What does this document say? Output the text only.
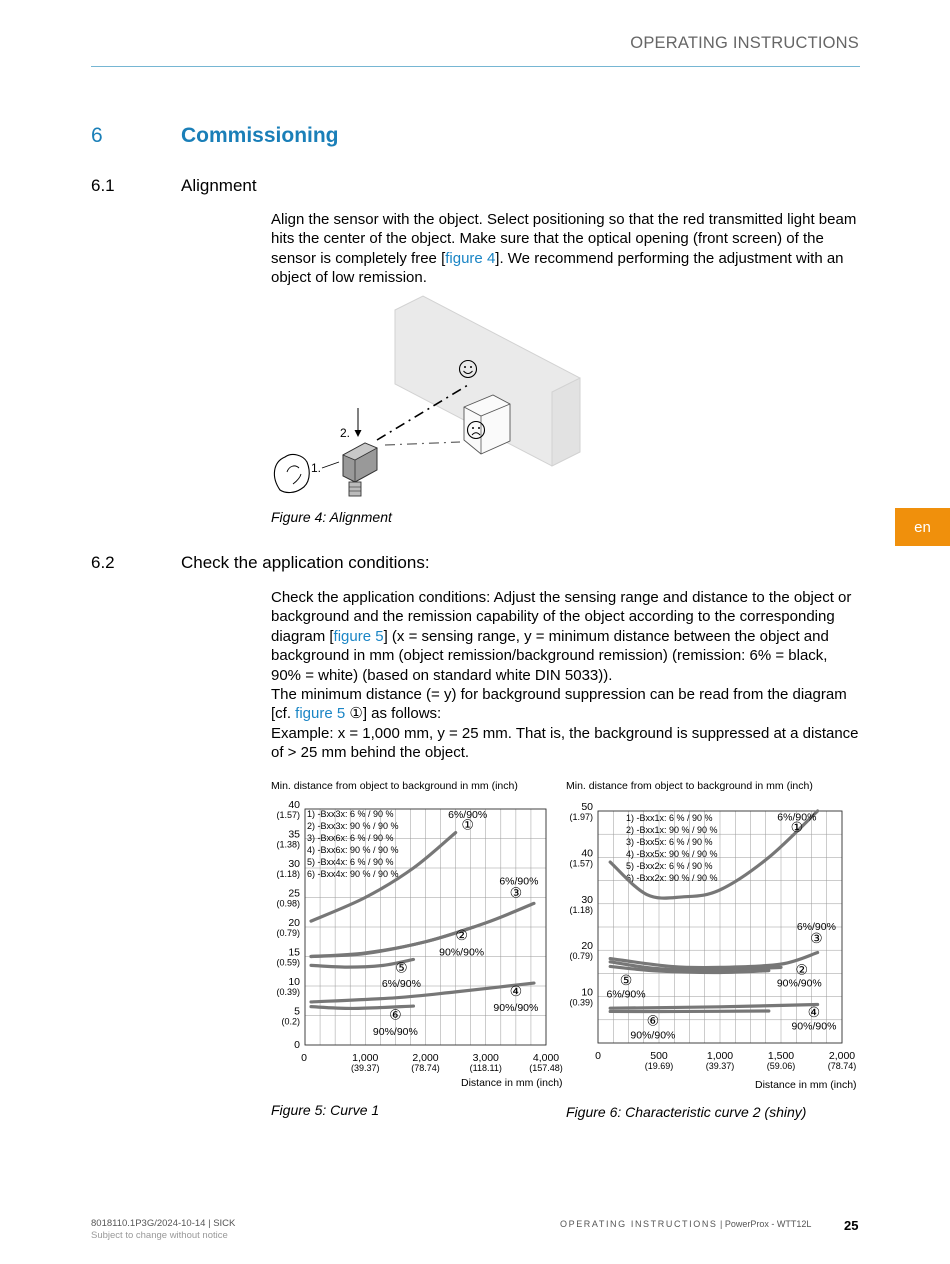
OPERATING INSTRUCTIONS
6	Commissioning
6.1	Alignment
Align the sensor with the object. Select positioning so that the red transmitted light beam hits the center of the object. Make sure that the optical opening (front screen) of the sensor is completely free [figure 4]. We recommend performing the adjustment with an object of low remission.
2.
1.
Figure 4: Alignment
en
6.2	Check the application conditions:
Check the application conditions: Adjust the sensing range and distance to the object or background and the remission capability of the object according to the corresponding diagram [figure 5] (x = sensing range, y = minimum distance between the object and background in mm (object remission/background remission) (remission: 6% = black, 90% = white) (based on standard white DIN 5033)).
The minimum distance (= y) for background suppression can be read from the diagram [cf. figure 5 ①] as follows:
Example: x = 1,000 mm, y = 25 mm. That is, the background is suppressed at a distance of > 25 mm behind the object.
Min. distance from object to background in mm (inch)
40
(1.57)
35
(1.38)
30
(1.18)
25
(0.98)
20
(0.79)
15
(0.59)
10
(0.39)
5
(0.2)
0
0	1,000
(39.37)
2,000
(78.74)
3,000
(118.11)
4,000
(157.48)
1) -Bxx3x: 6 % / 90 %
2) -Bxx3x: 90 % / 90 %
3) -Bxx6x: 6 % / 90 %
4) -Bxx6x: 90 % / 90 %
5) -Bxx4x: 6 % / 90 %
6) -Bxx4x: 90 % / 90 %
6%/90%
①
6%/90%
③
②
90%/90%
⑤
6%/90%	④
90%/90%
⑥
90%/90%
Distance in mm (inch)
Figure 5: Curve 1
Min. distance from object to background in mm (inch)
50
(1.97)
40
(1.57)
30
(1.18)
20
(0.79)
10
(0.39)
0	500
(19.69)
1,000
(39.37)
1,500
(59.06)
2,000
(78.74)
1) -Bxx1x: 6 % / 90 %
2) -Bxx1x: 90 % / 90 %
3) -Bxx5x: 6 % / 90 %
4) -Bxx5x: 90 % / 90 %
5) -Bxx2x: 6 % / 90 %
6) -Bxx2x: 90 % / 90 %
6%/90%
①
6%/90%
③
②
90%/90%
⑤
6%/90%
④
90%/90%
⑥
90%/90%
Distance in mm (inch)
Figure 6: Characteristic curve 2 (shiny)
8018110.1P3G/2024-10-14 | SICK
Subject to change without notice
OPERATING INSTRUCTIONS | PowerProx - WTT12L	25
